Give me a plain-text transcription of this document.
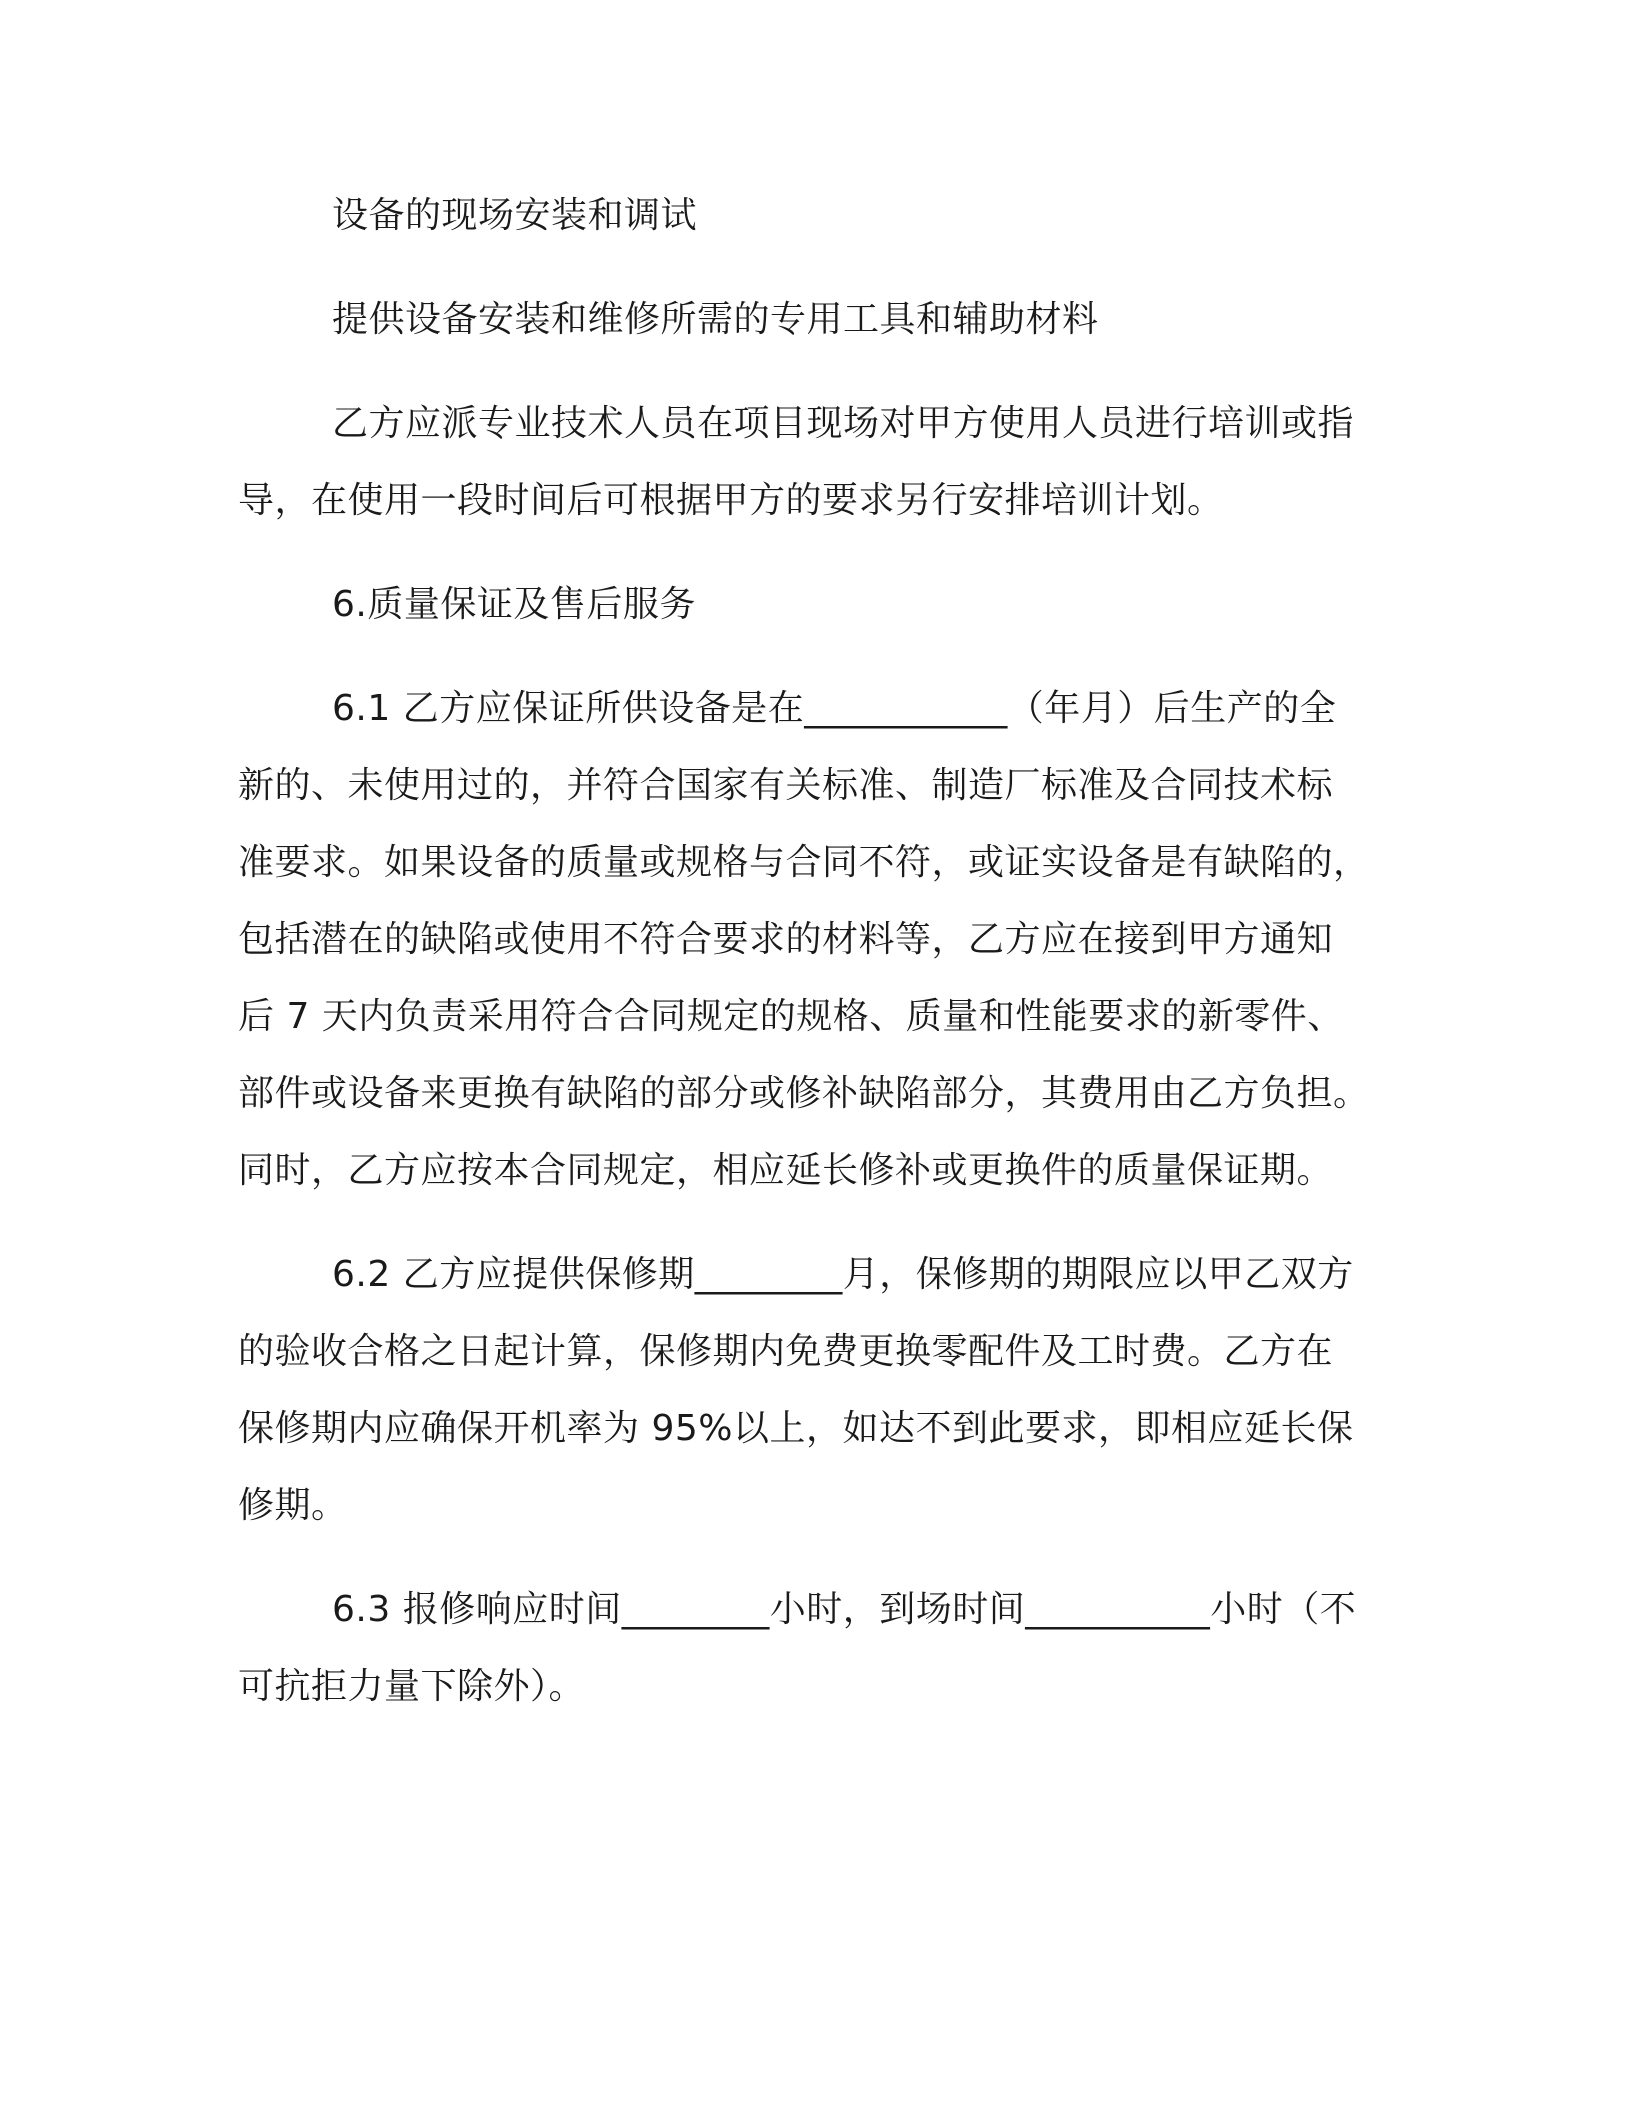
设备的现场安装和调试
提供设备安装和维修所需的专用工具和辅助材料
乙方应派专业技术人员在项目现场对甲方使用人员进行培训或指
导，在使用一段时间后可根据甲方的要求另行安排培训计划。
6.质量保证及售后服务
6.1 乙方应保证所供设备是在___________（年月）后生产的全
新的、未使用过的，并符合国家有关标准、制造厂标准及合同技术标
准要求。如果设备的质量或规格与合同不符，或证实设备是有缺陷的，
包括潜在的缺陷或使用不符合要求的材料等，乙方应在接到甲方通知
后 7 天内负责采用符合合同规定的规格、质量和性能要求的新零件、
部件或设备来更换有缺陷的部分或修补缺陷部分，其费用由乙方负担。
同时，乙方应按本合同规定，相应延长修补或更换件的质量保证期。
6.2 乙方应提供保修期________月，保修期的期限应以甲乙双方
的验收合格之日起计算，保修期内免费更换零配件及工时费。乙方在
保修期内应确保开机率为 95%以上，如达不到此要求，即相应延长保
修期。
6.3 报修响应时间________小时，到场时间__________小时（不
可抗拒力量下除外）。
